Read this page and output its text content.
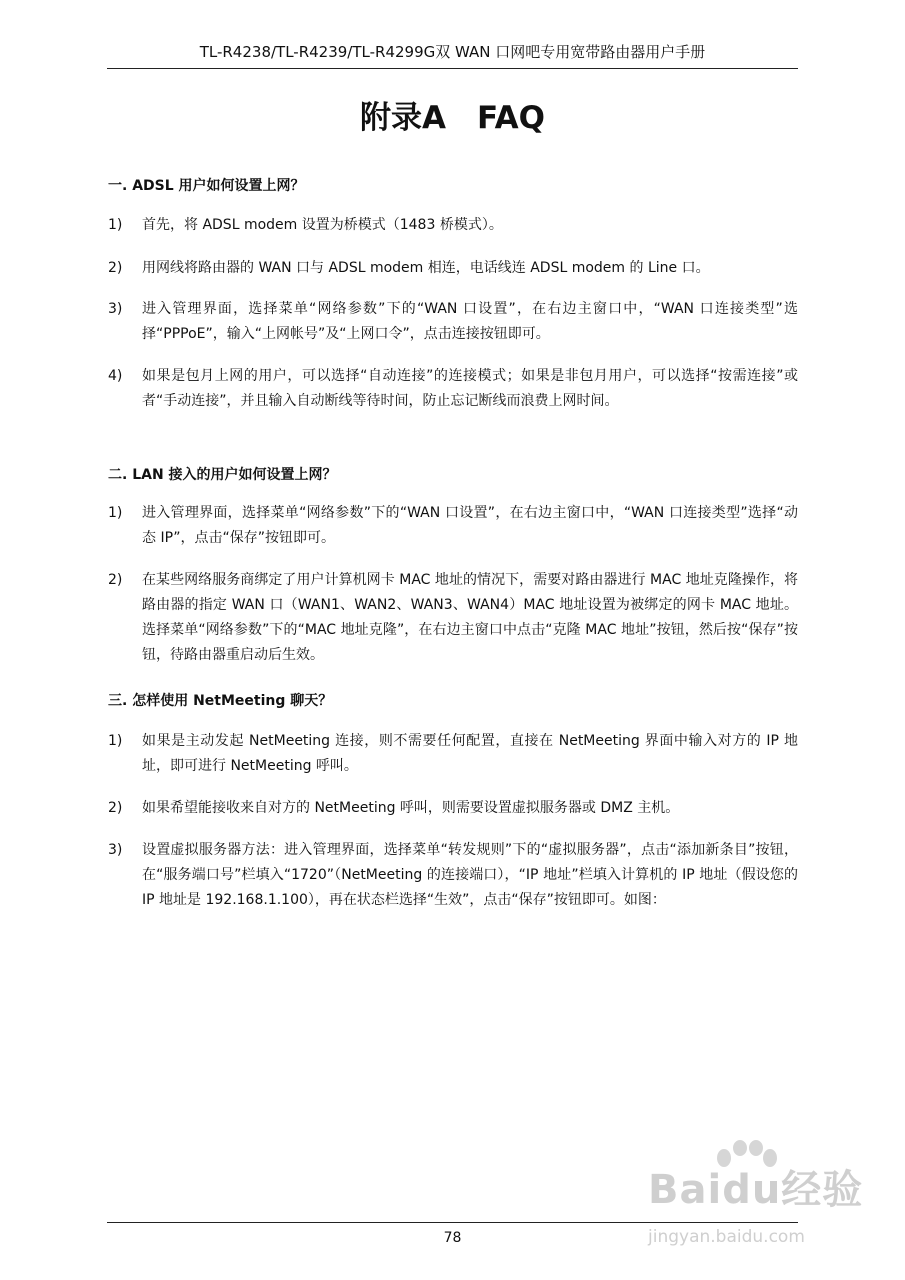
TL-R4238/TL-R4239/TL-R4299G双 WAN 口网吧专用宽带路由器用户手册
附录A　FAQ
一. ADSL 用户如何设置上网？
1)	首先，将 ADSL modem 设置为桥模式（1483 桥模式）。
2)	用网线将路由器的 WAN 口与 ADSL modem 相连，电话线连 ADSL modem 的 Line 口。
3)	进入管理界面，选择菜单“网络参数”下的“WAN 口设置”，在右边主窗口中，“WAN 口连接类型”选择“PPPoE”，输入“上网帐号”及“上网口令”，点击连接按钮即可。
4)	如果是包月上网的用户，可以选择“自动连接”的连接模式；如果是非包月用户，可以选择“按需连接”或者“手动连接”，并且输入自动断线等待时间，防止忘记断线而浪费上网时间。
二. LAN 接入的用户如何设置上网？
1)	进入管理界面，选择菜单“网络参数”下的“WAN 口设置”，在右边主窗口中，“WAN 口连接类型”选择“动态 IP”，点击“保存”按钮即可。
2)	在某些网络服务商绑定了用户计算机网卡 MAC 地址的情况下，需要对路由器进行 MAC 地址克隆操作，将路由器的指定 WAN 口（WAN1、WAN2、WAN3、WAN4）MAC 地址设置为被绑定的网卡 MAC 地址。选择菜单“网络参数”下的“MAC 地址克隆”，在右边主窗口中点击“克隆 MAC 地址”按钮，然后按“保存”按钮，待路由器重启动后生效。
三. 怎样使用 NetMeeting 聊天？
1)	如果是主动发起 NetMeeting 连接，则不需要任何配置，直接在 NetMeeting 界面中输入对方的 IP 地址，即可进行 NetMeeting 呼叫。
2)	如果希望能接收来自对方的 NetMeeting 呼叫，则需要设置虚拟服务器或 DMZ 主机。
3)	设置虚拟服务器方法：进入管理界面，选择菜单“转发规则”下的“虚拟服务器”，点击“添加新条目”按钮，在“服务端口号”栏填入“1720”（NetMeeting 的连接端口），“IP 地址”栏填入计算机的 IP 地址（假设您的 IP 地址是 192.168.1.100），再在状态栏选择“生效”，点击“保存”按钮即可。如图：
Baidu经验
jingyan.baidu.com
78
